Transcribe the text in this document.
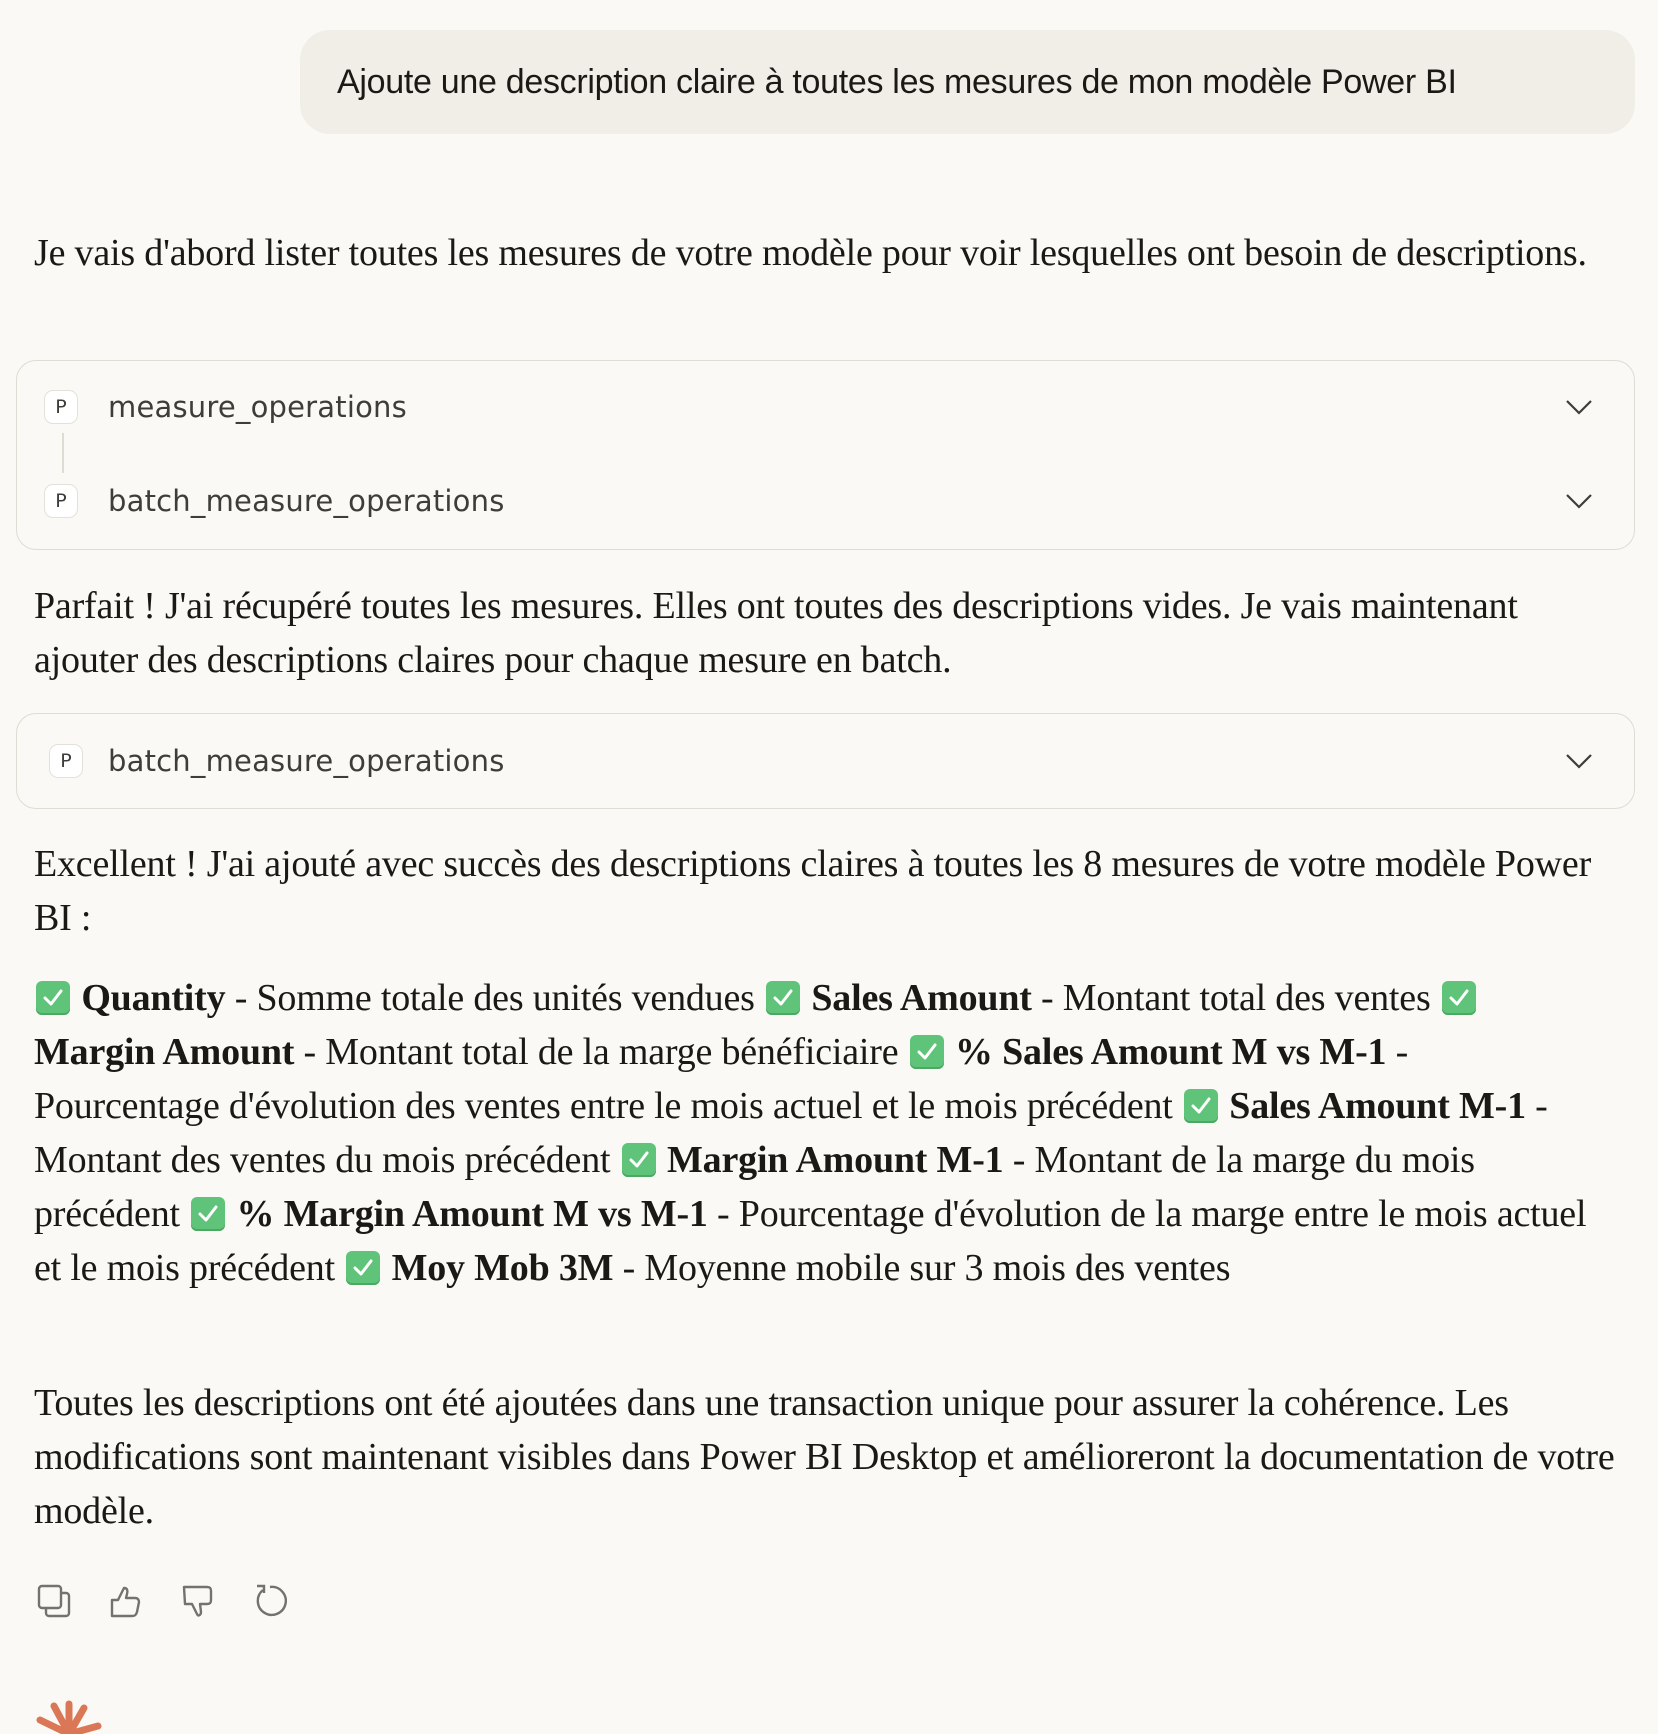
Ajoute une description claire à toutes les mesures de mon modèle Power BI

Je vais d'abord lister toutes les mesures de votre modèle pour voir lesquelles ont besoin de descriptions.

P	measure_operations
P	batch_measure_operations

Parfait ! J'ai récupéré toutes les mesures. Elles ont toutes des descriptions vides. Je vais maintenant ajouter des descriptions claires pour chaque mesure en batch.

P	batch_measure_operations

Excellent ! J'ai ajouté avec succès des descriptions claires à toutes les 8 mesures de votre modèle Power BI :

Quantity - Somme totale des unités vendues Sales Amount - Montant total des ventes
Margin Amount - Montant total de la marge bénéficiaire % Sales Amount M vs M-1 - Pourcentage d'évolution des ventes entre le mois actuel et le mois précédent Sales Amount M-1 - Montant des ventes du mois précédent Margin Amount M-1 - Montant de la marge du mois précédent % Margin Amount M vs M-1 - Pourcentage d'évolution de la marge entre le mois actuel et le mois précédent Moy Mob 3M - Moyenne mobile sur 3 mois des ventes

Toutes les descriptions ont été ajoutées dans une transaction unique pour assurer la cohérence. Les modifications sont maintenant visibles dans Power BI Desktop et amélioreront la documentation de votre modèle.
